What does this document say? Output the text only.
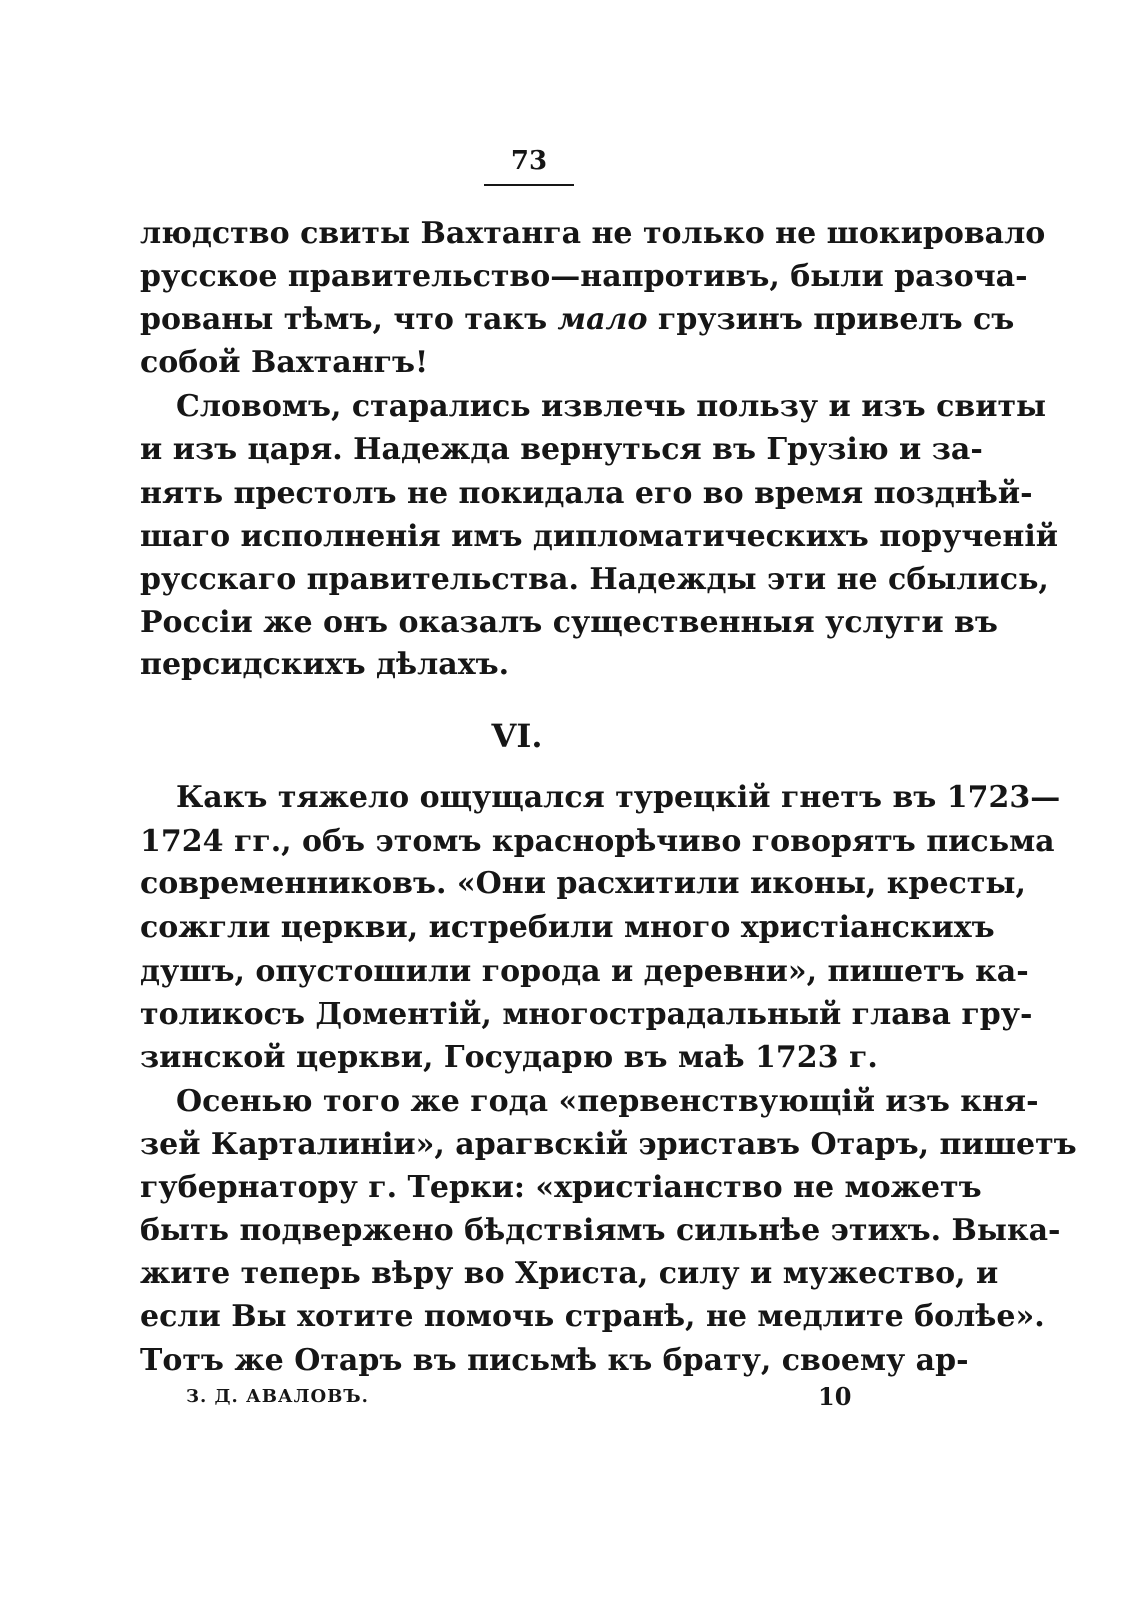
73

людство свиты Вахтанга не только не шокировало

русское правительство—напротивъ, были разоча-

рованы тѣмъ, что такъ мало грузинъ привелъ съ

собой Вахтангъ!

Словомъ, старались извлечь пользу и изъ свиты

и изъ царя. Надежда вернуться въ Грузію и за-

нять престолъ не покидала его во время позднѣй-

шаго исполненія имъ дипломатическихъ порученій

русскаго правительства. Надежды эти не сбылись,

Россіи же онъ оказалъ существенныя услуги въ

персидскихъ дѣлахъ.

VI.

Какъ тяжело ощущался турецкій гнетъ въ 1723—

1724 гг., объ этомъ краснорѣчиво говорятъ письма

современниковъ. «Они расхитили иконы, кресты,

сожгли церкви, истребили много христіанскихъ

душъ, опустошили города и деревни», пишетъ ка-

толикосъ Доментій, многострадальный глава гру-

зинской церкви, Государю въ маѣ 1723 г.

Осенью того же года «первенствующій изъ кня-

зей Карталиніи», арагвскій эриставъ Отаръ, пишетъ

губернатору г. Терки: «христіанство не можетъ

быть подвержено бѣдствіямъ сильнѣе этихъ. Выка-

жите теперь вѣру во Христа, силу и мужество, и

если Вы хотите помочь странѣ, не медлите болѣе».

Тотъ же Отаръ въ письмѣ къ брату, своему ар-

З. Д. АВАЛОВЪ.	10
